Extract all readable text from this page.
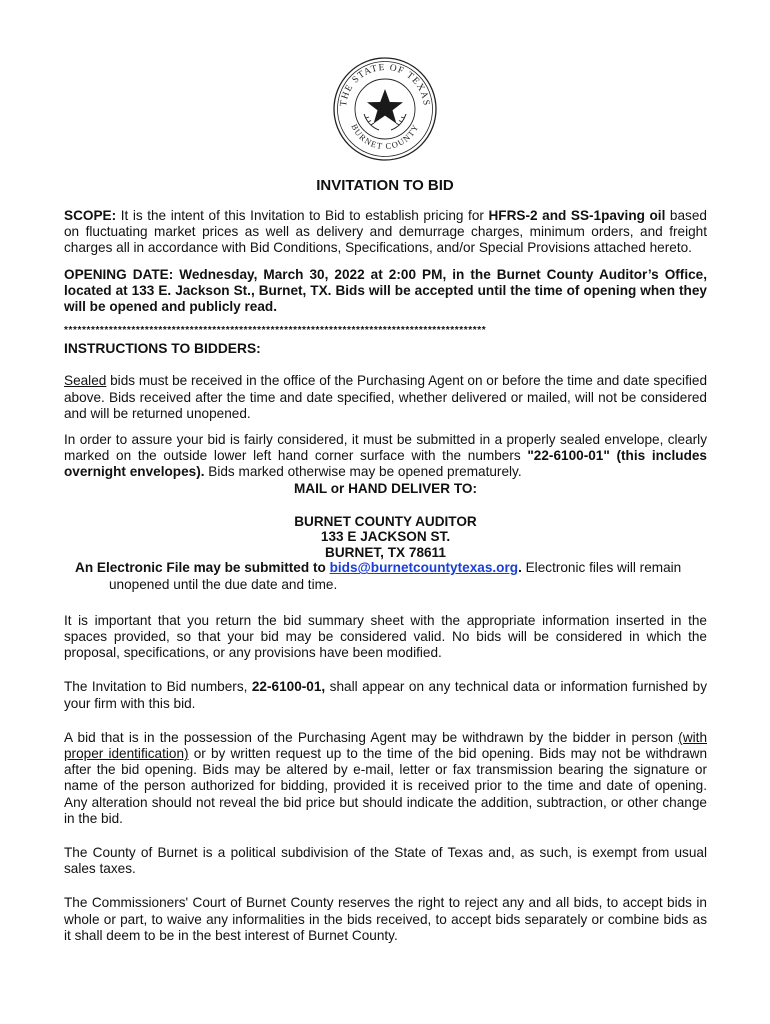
THE STATE OF TEXAS
BURNET COUNTY
INVITATION TO BID

SCOPE: It is the intent of this Invitation to Bid to establish pricing for HFRS-2 and SS-1paving oil based on fluctuating market prices as well as delivery and demurrage charges, minimum orders, and freight charges all in accordance with Bid Conditions, Specifications, and/or Special Provisions attached hereto.

OPENING DATE: Wednesday, March 30, 2022 at 2:00 PM, in the Burnet County Auditor’s Office, located at 133 E. Jackson St., Burnet, TX. Bids will be accepted until the time of opening when they will be opened and publicly read.

**********************************************************************************************
INSTRUCTIONS TO BIDDERS:

Sealed bids must be received in the office of the Purchasing Agent on or before the time and date specified above. Bids received after the time and date specified, whether delivered or mailed, will not be considered and will be returned unopened.

In order to assure your bid is fairly considered, it must be submitted in a properly sealed envelope, clearly marked on the outside lower left hand corner surface with the numbers "22-6100-01" (this includes overnight envelopes). Bids marked otherwise may be opened prematurely.

MAIL or HAND DELIVER TO:
BURNET COUNTY AUDITOR
133 E JACKSON ST.
BURNET, TX 78611

An Electronic File may be submitted to bids@burnetcountytexas.org. Electronic files will remain unopened until the due date and time.

It is important that you return the bid summary sheet with the appropriate information inserted in the spaces provided, so that your bid may be considered valid. No bids will be considered in which the proposal, specifications, or any provisions have been modified.

The Invitation to Bid numbers, 22-6100-01, shall appear on any technical data or information furnished by your firm with this bid.

A bid that is in the possession of the Purchasing Agent may be withdrawn by the bidder in person (with proper identification) or by written request up to the time of the bid opening. Bids may not be withdrawn after the bid opening. Bids may be altered by e-mail, letter or fax transmission bearing the signature or name of the person authorized for bidding, provided it is received prior to the time and date of opening. Any alteration should not reveal the bid price but should indicate the addition, subtraction, or other change in the bid.

The County of Burnet is a political subdivision of the State of Texas and, as such, is exempt from usual sales taxes.

The Commissioners' Court of Burnet County reserves the right to reject any and all bids, to accept bids in whole or part, to waive any informalities in the bids received, to accept bids separately or combine bids as it shall deem to be in the best interest of Burnet County.
